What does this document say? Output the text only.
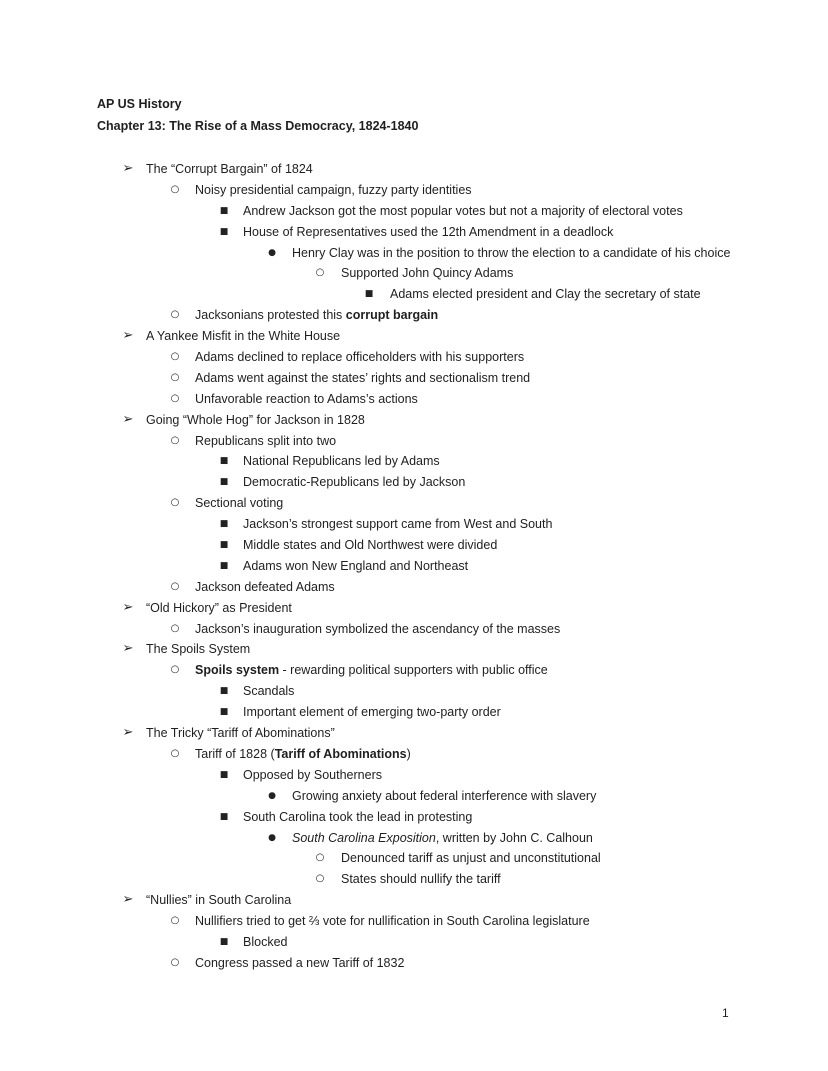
AP US History
Chapter 13: The Rise of a Mass Democracy, 1824-1840
➢ The “Corrupt Bargain” of 1824
○ Noisy presidential campaign, fuzzy party identities
■ Andrew Jackson got the most popular votes but not a majority of electoral votes
■ House of Representatives used the 12th Amendment in a deadlock
● Henry Clay was in the position to throw the election to a candidate of his choice
○ Supported John Quincy Adams
■ Adams elected president and Clay the secretary of state
○ Jacksonians protested this corrupt bargain
➢ A Yankee Misfit in the White House
○ Adams declined to replace officeholders with his supporters
○ Adams went against the states’ rights and sectionalism trend
○ Unfavorable reaction to Adams’s actions
➢ Going “Whole Hog” for Jackson in 1828
○ Republicans split into two
■ National Republicans led by Adams
■ Democratic-Republicans led by Jackson
○ Sectional voting
■ Jackson’s strongest support came from West and South
■ Middle states and Old Northwest were divided
■ Adams won New England and Northeast
○ Jackson defeated Adams
➢ “Old Hickory” as President
○ Jackson’s inauguration symbolized the ascendancy of the masses
➢ The Spoils System
○ Spoils system - rewarding political supporters with public office
■ Scandals
■ Important element of emerging two-party order
➢ The Tricky “Tariff of Abominations”
○ Tariff of 1828 (Tariff of Abominations)
■ Opposed by Southerners
● Growing anxiety about federal interference with slavery
■ South Carolina took the lead in protesting
● South Carolina Exposition, written by John C. Calhoun
○ Denounced tariff as unjust and unconstitutional
○ States should nullify the tariff
➢ “Nullies” in South Carolina
○ Nullifiers tried to get ⅔ vote for nullification in South Carolina legislature
■ Blocked
○ Congress passed a new Tariff of 1832
1
